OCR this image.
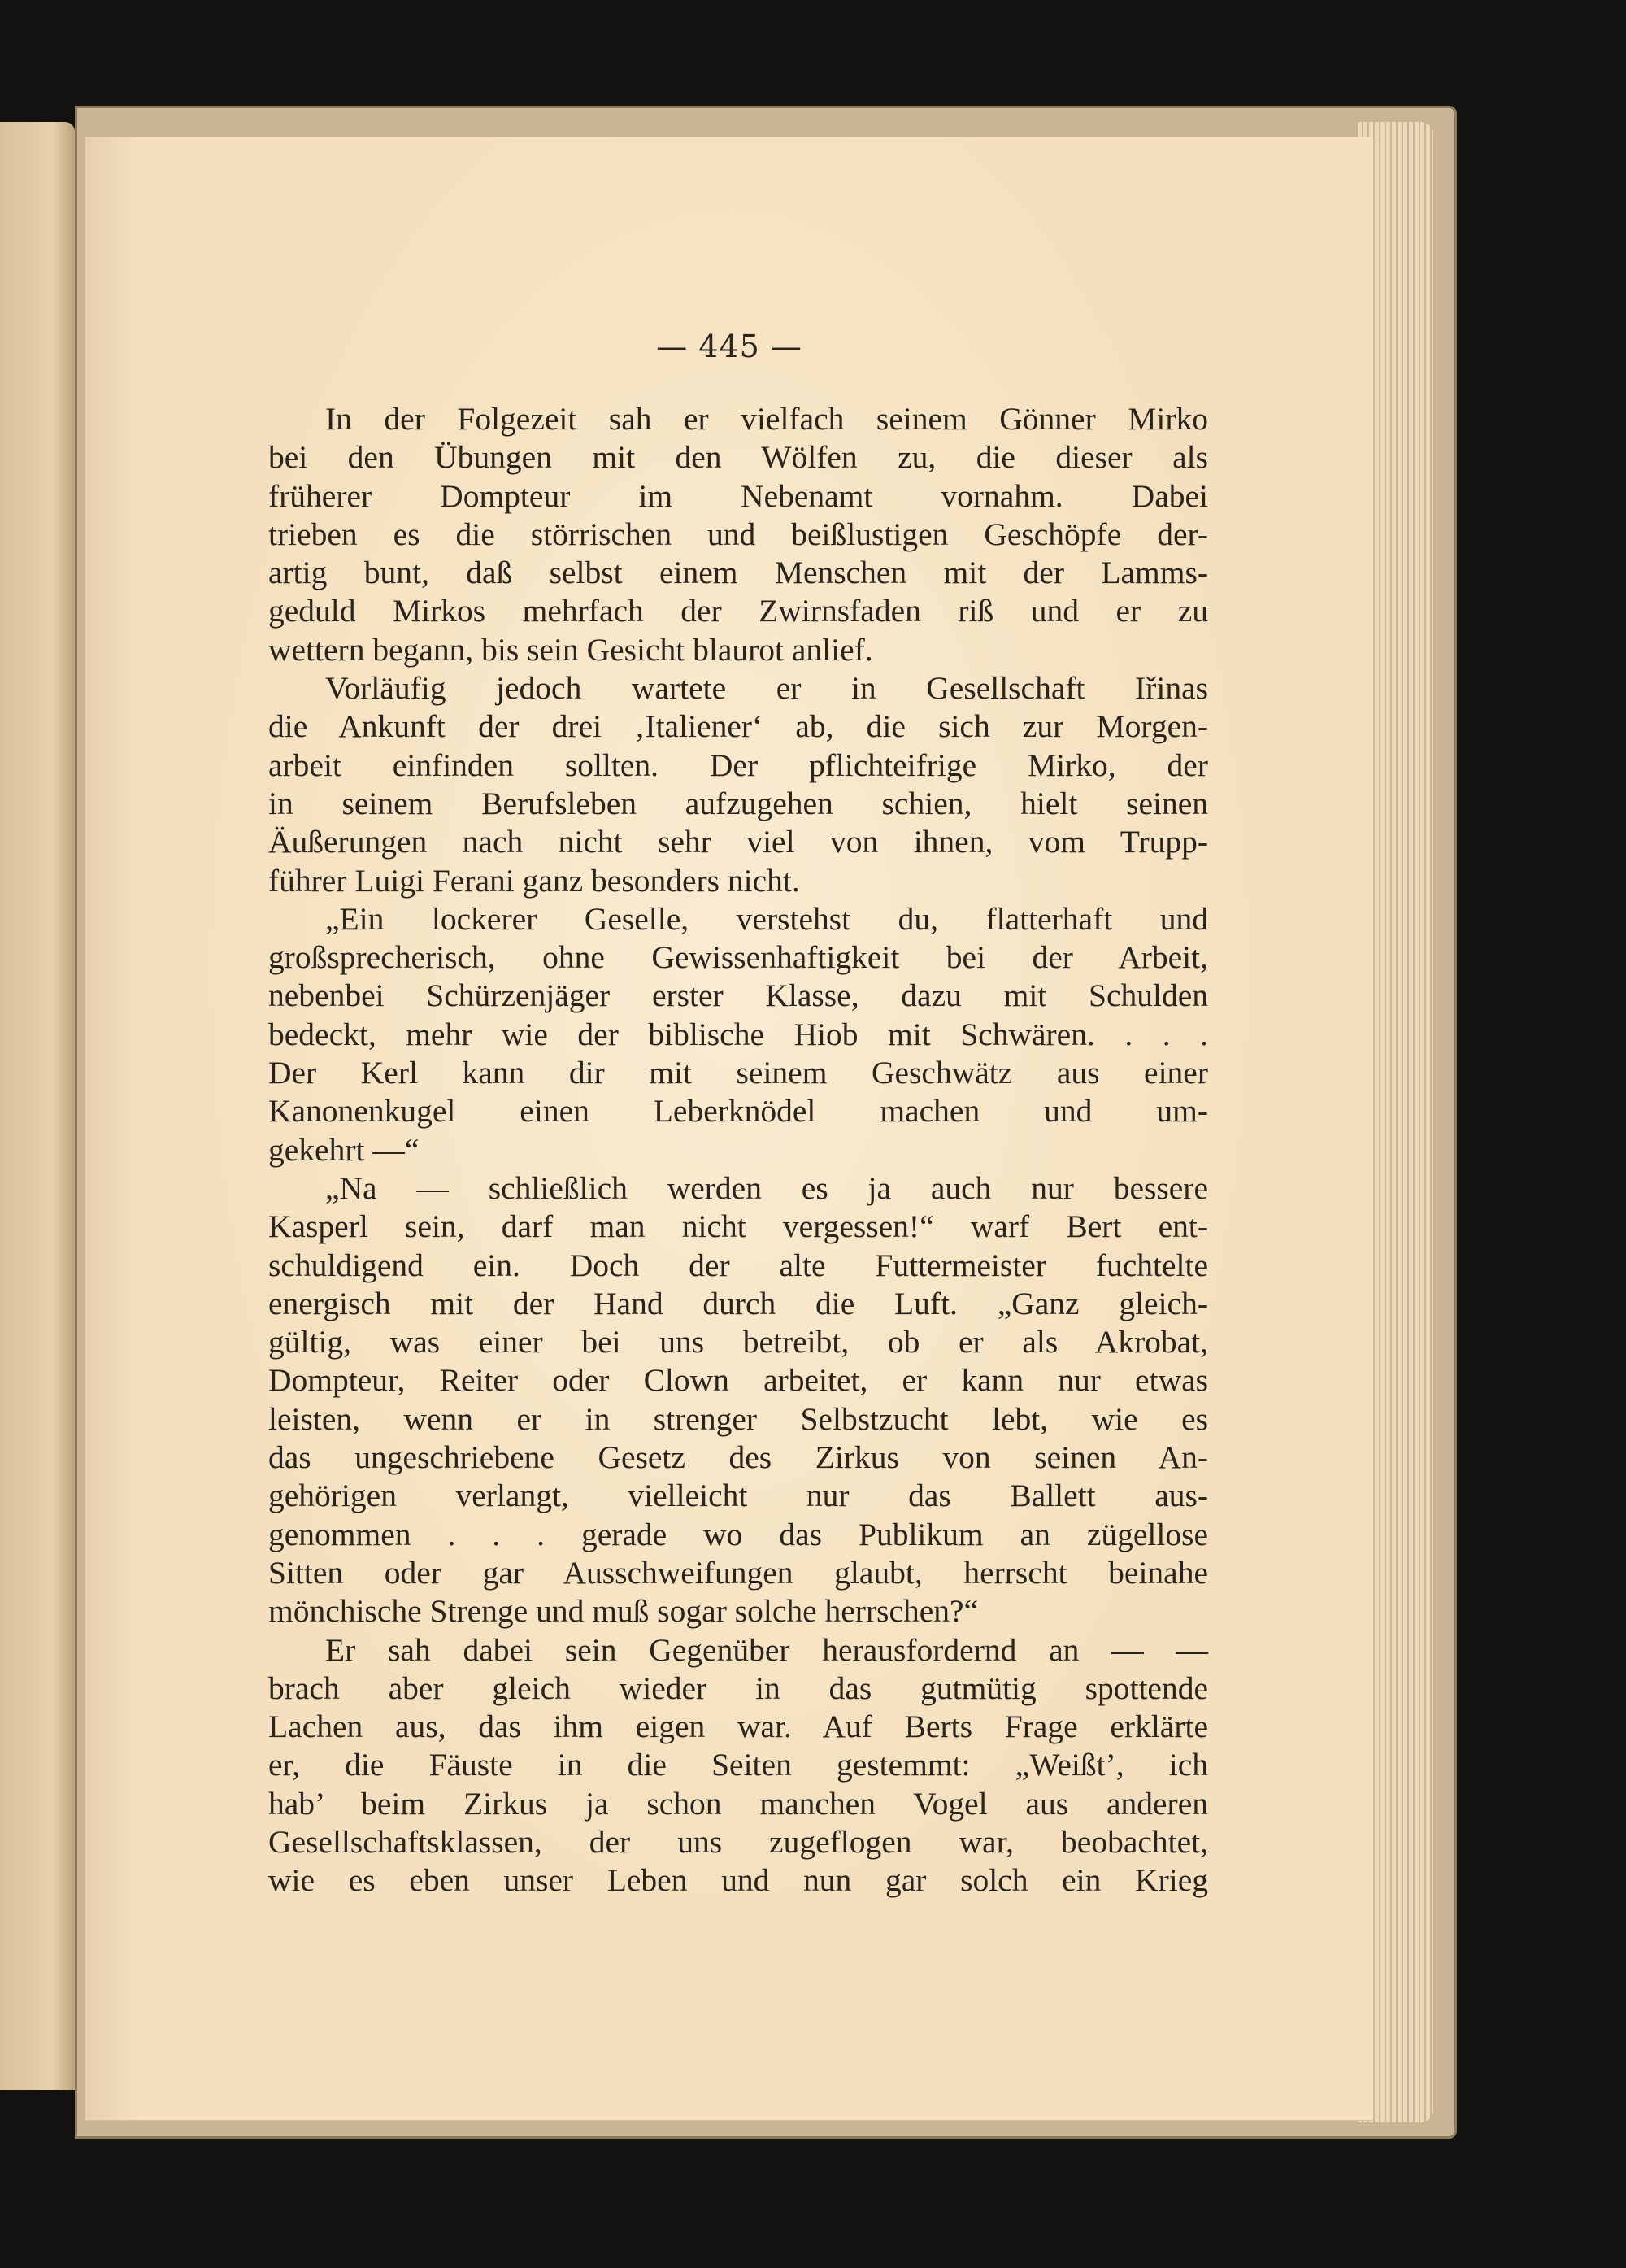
— 445 —

In der Folgezeit sah er vielfach seinem Gönner Mirko
bei den Übungen mit den Wölfen zu, die dieser als
früherer Dompteur im Nebenamt vornahm. Dabei
trieben es die störrischen und beißlustigen Geschöpfe der-
artig bunt, daß selbst einem Menschen mit der Lamms-
geduld Mirkos mehrfach der Zwirnsfaden riß und er zu
wettern begann, bis sein Gesicht blaurot anlief.

Vorläufig jedoch wartete er in Gesellschaft Iřinas
die Ankunft der drei ‚Italiener‘ ab, die sich zur Morgen-
arbeit einfinden sollten. Der pflichteifrige Mirko, der
in seinem Berufsleben aufzugehen schien, hielt seinen
Äußerungen nach nicht sehr viel von ihnen, vom Trupp-
führer Luigi Ferani ganz besonders nicht.

„Ein lockerer Geselle, verstehst du, flatterhaft und
großsprecherisch, ohne Gewissenhaftigkeit bei der Arbeit,
nebenbei Schürzenjäger erster Klasse, dazu mit Schulden
bedeckt, mehr wie der biblische Hiob mit Schwären. . . .
Der Kerl kann dir mit seinem Geschwätz aus einer
Kanonenkugel einen Leberknödel machen und um-
gekehrt —“

„Na — schließlich werden es ja auch nur bessere
Kasperl sein, darf man nicht vergessen!“ warf Bert ent-
schuldigend ein. Doch der alte Futtermeister fuchtelte
energisch mit der Hand durch die Luft. „Ganz gleich-
gültig, was einer bei uns betreibt, ob er als Akrobat,
Dompteur, Reiter oder Clown arbeitet, er kann nur etwas
leisten, wenn er in strenger Selbstzucht lebt, wie es
das ungeschriebene Gesetz des Zirkus von seinen An-
gehörigen verlangt, vielleicht nur das Ballett aus-
genommen . . . gerade wo das Publikum an zügellose
Sitten oder gar Ausschweifungen glaubt, herrscht beinahe
mönchische Strenge und muß sogar solche herrschen?“

Er sah dabei sein Gegenüber herausfordernd an — —
brach aber gleich wieder in das gutmütig spottende
Lachen aus, das ihm eigen war. Auf Berts Frage erklärte
er, die Fäuste in die Seiten gestemmt: „Weißt’, ich
hab’ beim Zirkus ja schon manchen Vogel aus anderen
Gesellschaftsklassen, der uns zugeflogen war, beobachtet,
wie es eben unser Leben und nun gar solch ein Krieg
